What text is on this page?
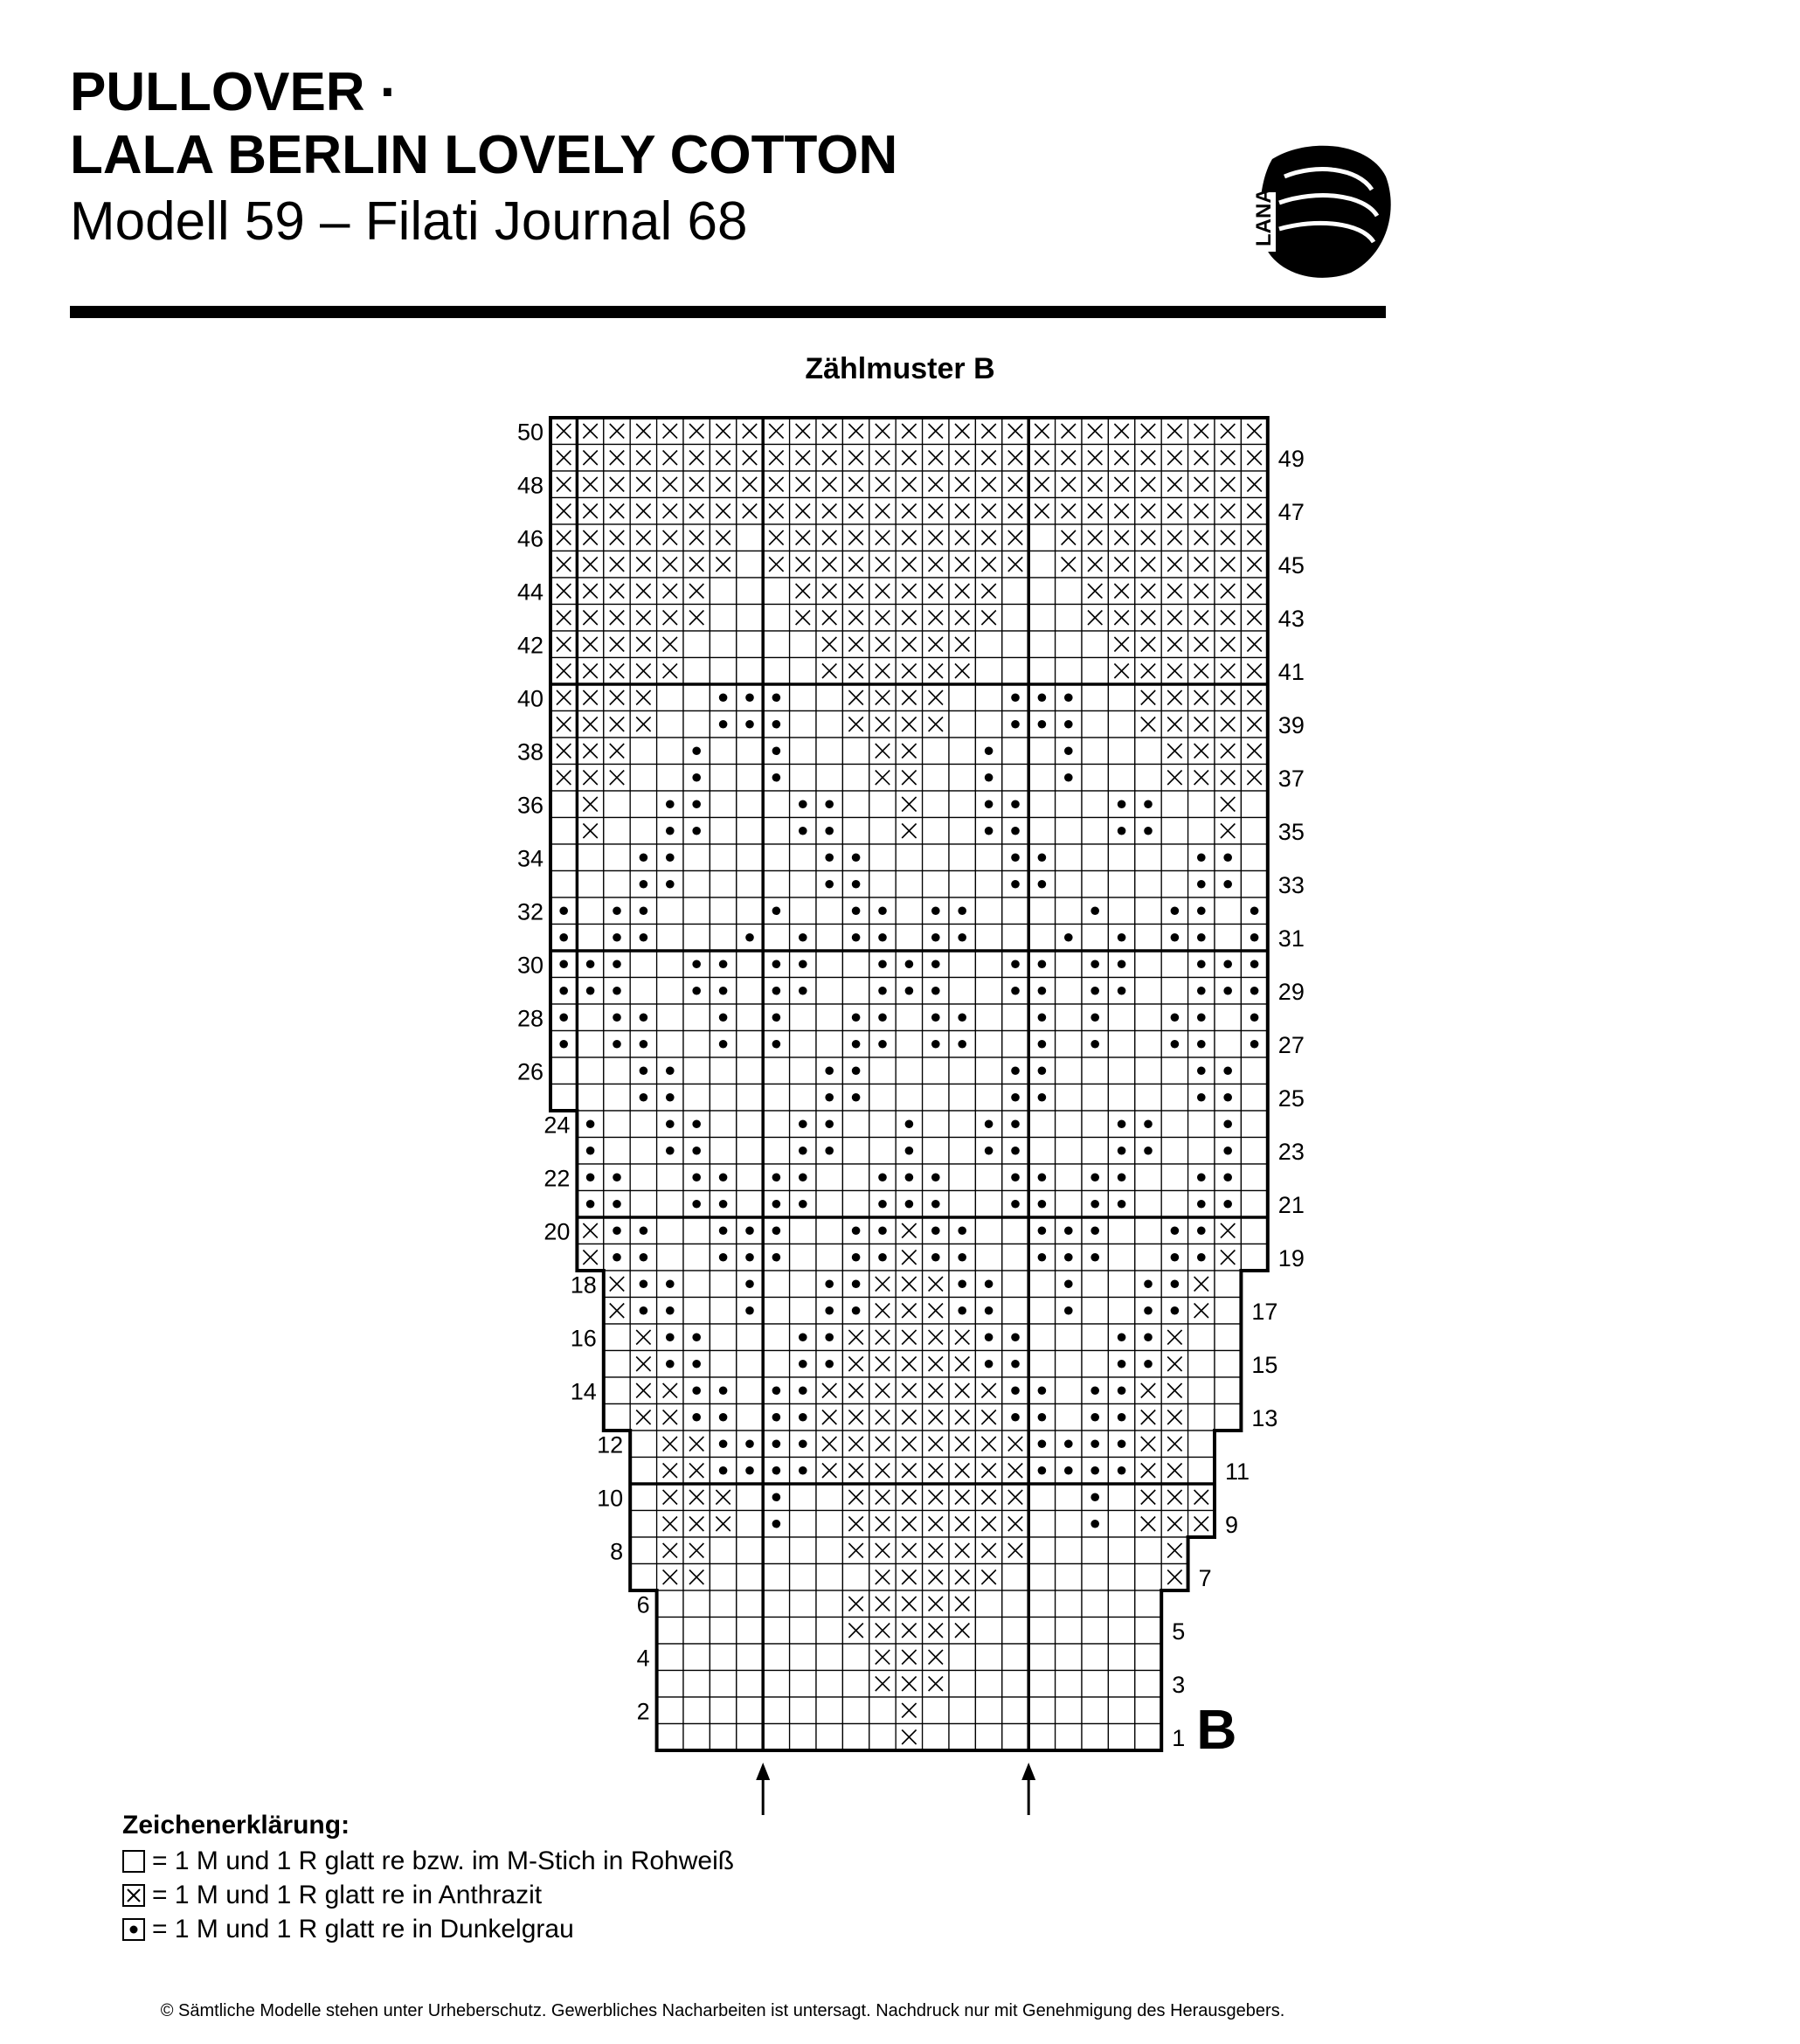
PULLOVER ·
LALA BERLIN LOVELY COTTON
Modell 59 – Filati Journal 68	LANA
Zählmuster B
2
4
6
8
10
12
14
16
18
20
22
24
26
28
30
32
34
36
38
40
42
44
46
48
50
1
3
5
7
9
11
13
15
17
19
21
23
25
27
29
31
33
35
37
39
41
43
45
47
49
B
Zeichenerklärung:
= 1 M und 1 R glatt re bzw. im M-Stich in Rohweiß
= 1 M und 1 R glatt re in Anthrazit
= 1 M und 1 R glatt re in Dunkelgrau
© Sämtliche Modelle stehen unter Urheberschutz. Gewerbliches Nacharbeiten ist untersagt. Nachdruck nur mit Genehmigung des Herausgebers.
